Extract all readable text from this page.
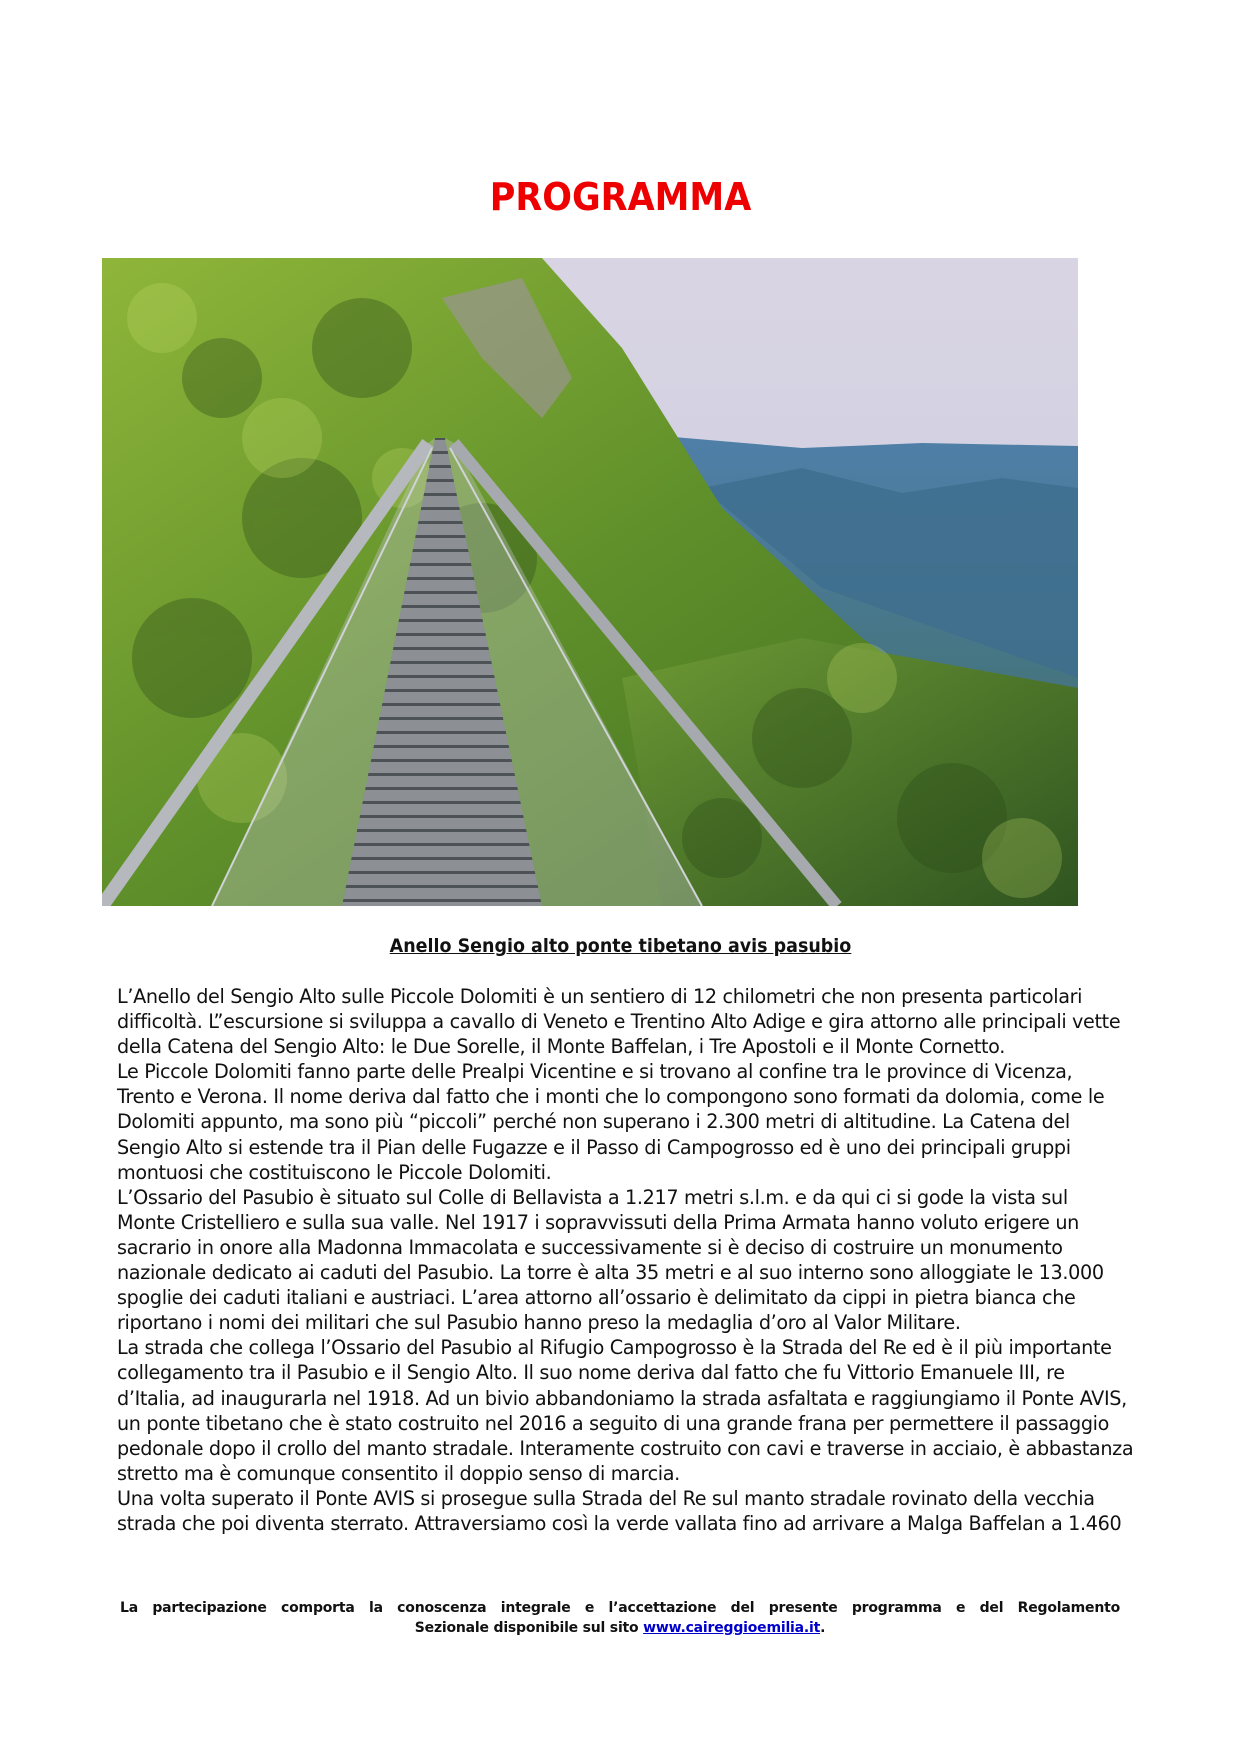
PROGRAMMA
Anello Sengio alto ponte tibetano avis pasubio
L’Anello del Sengio Alto sulle Piccole Dolomiti è un sentiero di 12 chilometri che non presenta particolari
difficoltà. L”escursione si sviluppa a cavallo di Veneto e Trentino Alto Adige e gira attorno alle principali vette
della Catena del Sengio Alto: le Due Sorelle, il Monte Baffelan, i Tre Apostoli e il Monte Cornetto.
Le Piccole Dolomiti fanno parte delle Prealpi Vicentine e si trovano al confine tra le province di Vicenza,
Trento e Verona. Il nome deriva dal fatto che i monti che lo compongono sono formati da dolomia, come le
Dolomiti appunto, ma sono più “piccoli” perché non superano i 2.300 metri di altitudine. La Catena del
Sengio Alto si estende tra il Pian delle Fugazze e il Passo di Campogrosso ed è uno dei principali gruppi
montuosi che costituiscono le Piccole Dolomiti.
L’Ossario del Pasubio è situato sul Colle di Bellavista a 1.217 metri s.l.m. e da qui ci si gode la vista sul
Monte Cristelliero e sulla sua valle. Nel 1917 i sopravvissuti della Prima Armata hanno voluto erigere un
sacrario in onore alla Madonna Immacolata e successivamente si è deciso di costruire un monumento
nazionale dedicato ai caduti del Pasubio. La torre è alta 35 metri e al suo interno sono alloggiate le 13.000
spoglie dei caduti italiani e austriaci. L’area attorno all’ossario è delimitato da cippi in pietra bianca che
riportano i nomi dei militari che sul Pasubio hanno preso la medaglia d’oro al Valor Militare.
La strada che collega l’Ossario del Pasubio al Rifugio Campogrosso è la Strada del Re ed è il più importante
collegamento tra il Pasubio e il Sengio Alto. Il suo nome deriva dal fatto che fu Vittorio Emanuele III, re
d’Italia, ad inaugurarla nel 1918. Ad un bivio abbandoniamo la strada asfaltata e raggiungiamo il Ponte AVIS,
un ponte tibetano che è stato costruito nel 2016 a seguito di una grande frana per permettere il passaggio
pedonale dopo il crollo del manto stradale. Interamente costruito con cavi e traverse in acciaio, è abbastanza
stretto ma è comunque consentito il doppio senso di marcia.
Una volta superato il Ponte AVIS si prosegue sulla Strada del Re sul manto stradale rovinato della vecchia
strada che poi diventa sterrato. Attraversiamo così la verde vallata fino ad arrivare a Malga Baffelan a 1.460
La partecipazione comporta la conoscenza integrale e l’accettazione del presente programma e del Regolamento
Sezionale disponibile sul sito www.caireggioemilia.it.
